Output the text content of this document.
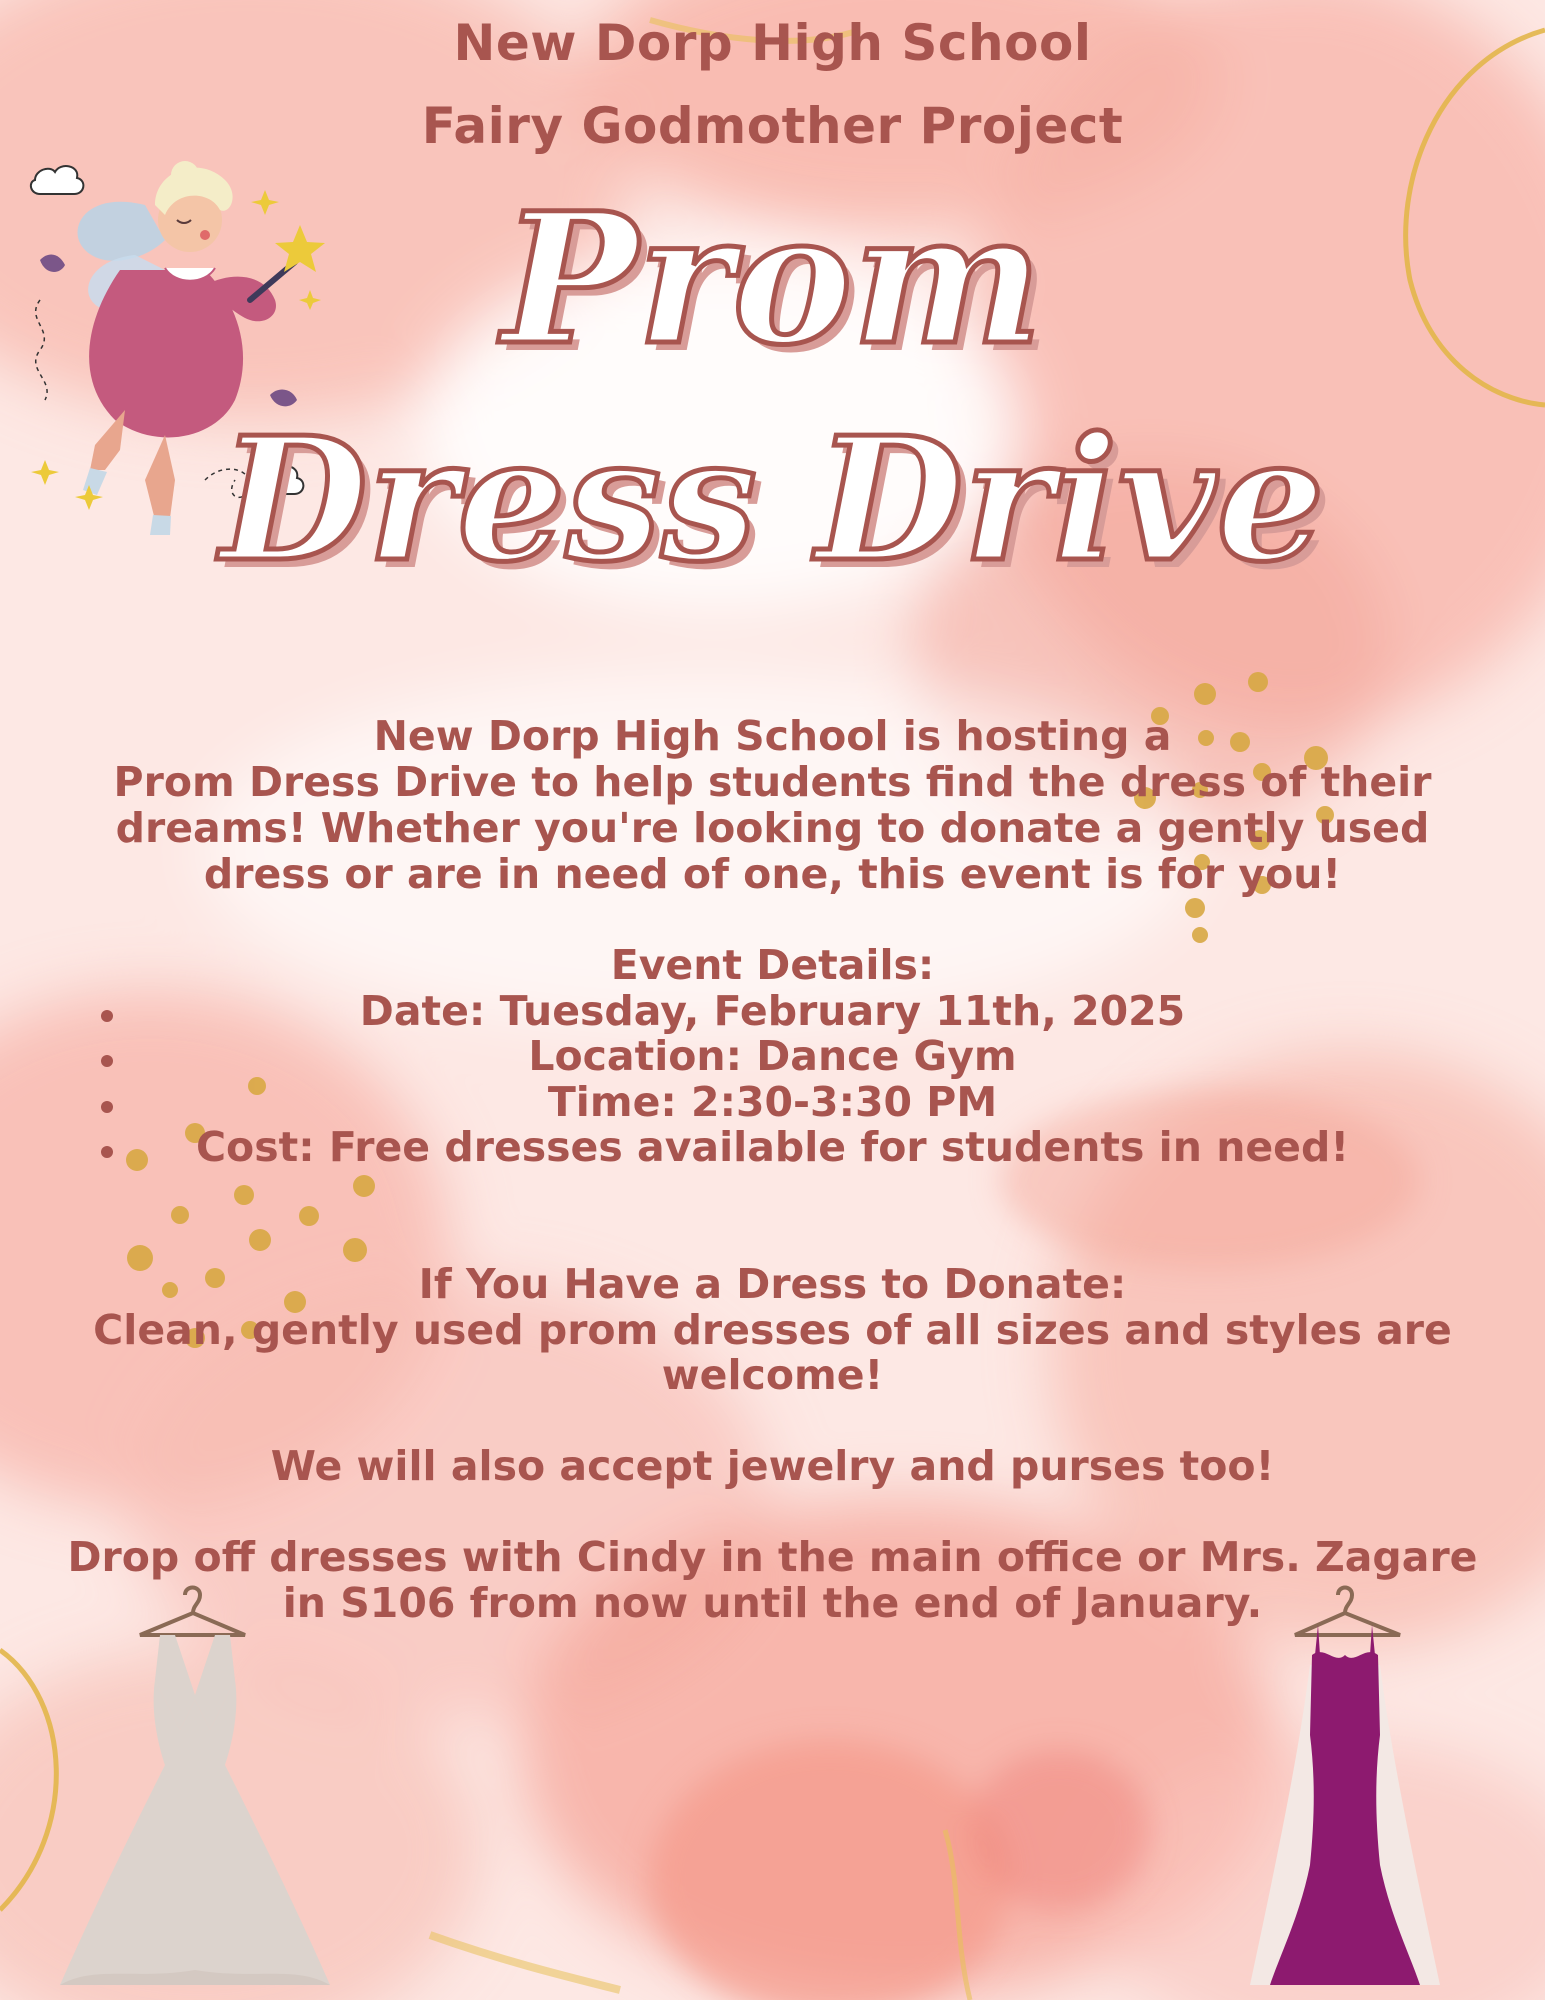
New Dorp High School
Fairy Godmother Project
Prom
Dress Drive
New Dorp High School is hosting a
Prom Dress Drive to help students find the dress of their
dreams! Whether you're looking to donate a gently used
dress or are in need of one, this event is for you!
Event Details:
Date: Tuesday, February 11th, 2025
Location: Dance Gym
Time: 2:30-3:30 PM
Cost: Free dresses available for students in need!
If You Have a Dress to Donate:
Clean, gently used prom dresses of all sizes and styles are
welcome!
We will also accept jewelry and purses too!
Drop off dresses with Cindy in the main office or Mrs. Zagare
in S106 from now until the end of January.
